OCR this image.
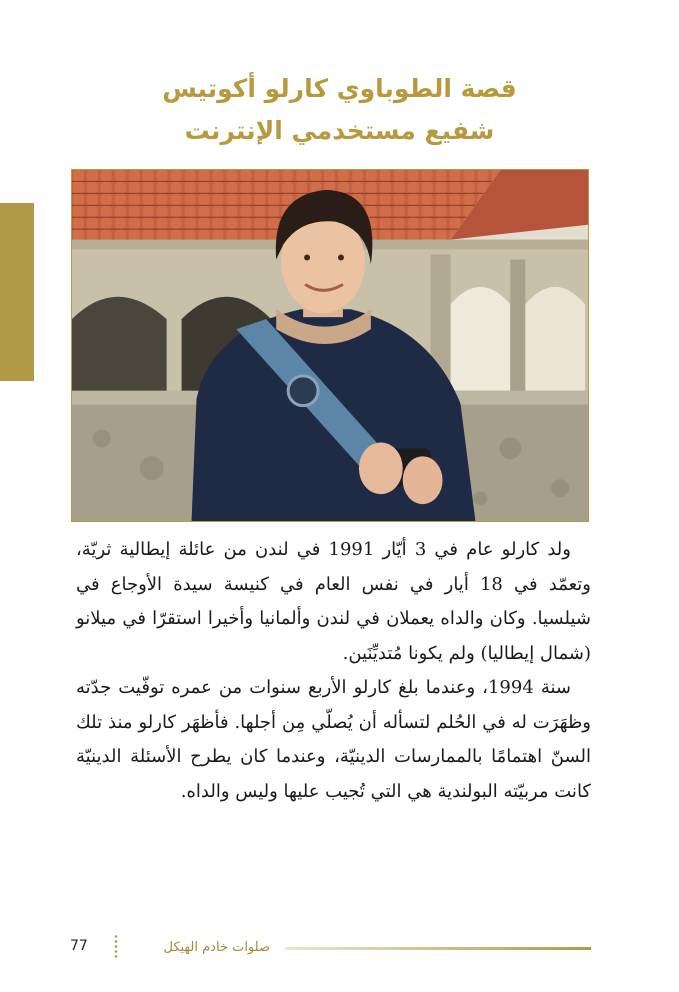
قصة الطوباوي كارلو أكوتيس
شفيع مستخدمي الإنترنت

ولد كارلو عام في 3 أيّار 1991 في لندن من عائلة إيطالية ثريّة، وتعمّد في 18 أيار في نفس العام في كنيسة سيدة الأوجاع في شيلسيا. وكان والداه يعملان في لندن وألمانيا وأخيرا استقرّا في ميلانو (شمال إيطاليا) ولم يكونا مُتديِّنَين.

سنة 1994، وعندما بلغ كارلو الأربع سنوات من عمره توفّيت جدّته وظهَرَت له في الحُلم لتسأله أن يُصلّي مِن أجلها. فأظهَر كارلو منذ تلك السنّ اهتمامًا بالممارسات الدينيّة، وعندما كان يطرح الأسئلة الدينيّة كانت مربيّته البولندية هي التي تُجيب عليها وليس والداه.

صلوات خادم الهيكل
77
